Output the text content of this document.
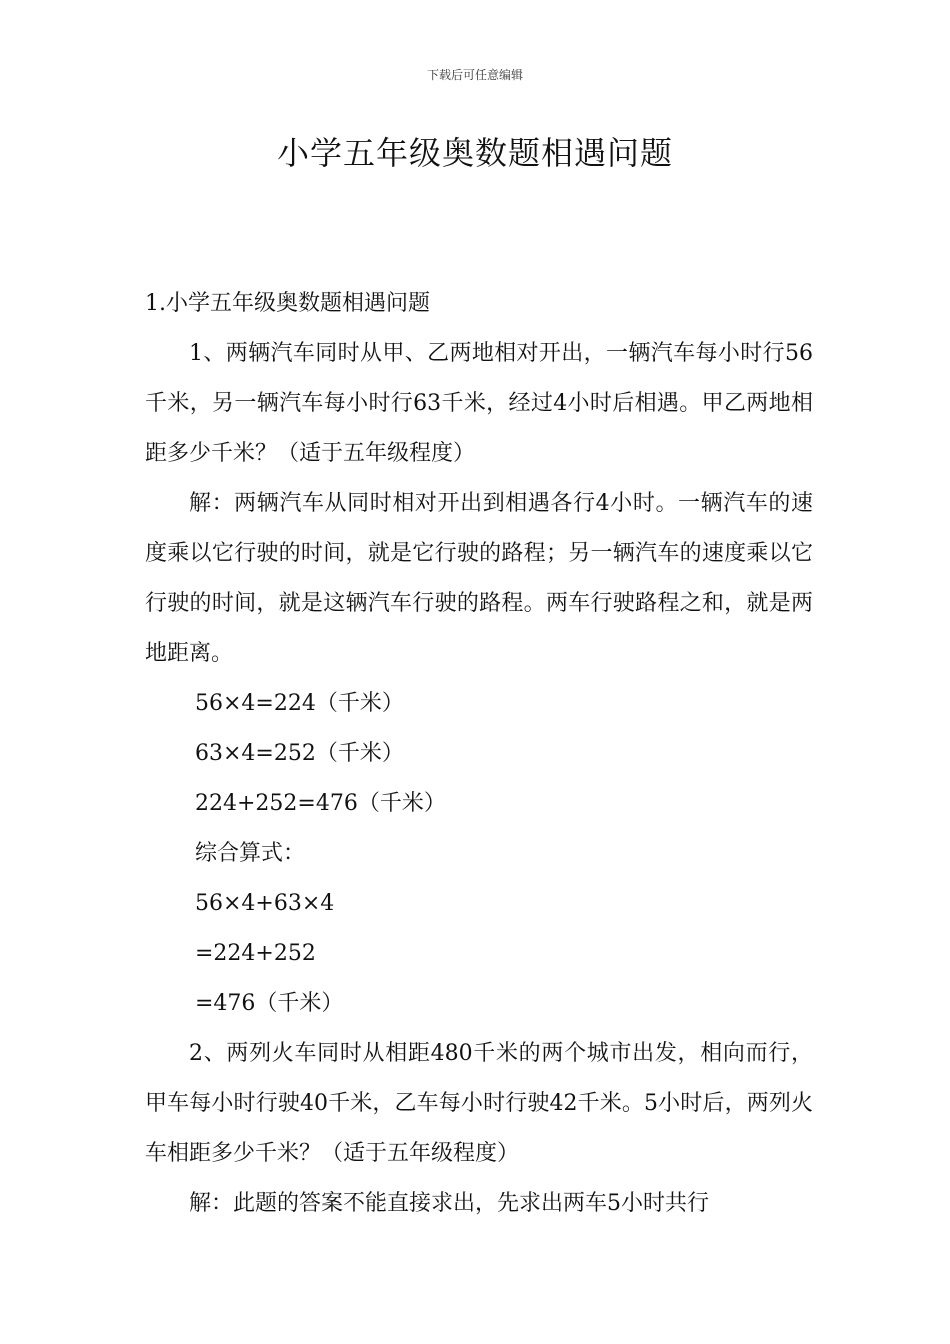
下载后可任意编辑
小学五年级奥数题相遇问题

1.小学五年级奥数题相遇问题

1、两辆汽车同时从甲、乙两地相对开出，一辆汽车每小时行56千米，另一辆汽车每小时行63千米，经过4小时后相遇。甲乙两地相距多少千米？（适于五年级程度）

解：两辆汽车从同时相对开出到相遇各行4小时。一辆汽车的速度乘以它行驶的时间，就是它行驶的路程；另一辆汽车的速度乘以它行驶的时间，就是这辆汽车行驶的路程。两车行驶路程之和，就是两地距离。

56×4=224（千米）

63×4=252（千米）

224+252=476（千米）

综合算式：

56×4+63×4

=224+252

=476（千米）

2、两列火车同时从相距480千米的两个城市出发，相向而行，甲车每小时行驶40千米，乙车每小时行驶42千米。5小时后，两列火车相距多少千米？（适于五年级程度）

解：此题的答案不能直接求出，先求出两车5小时共行
